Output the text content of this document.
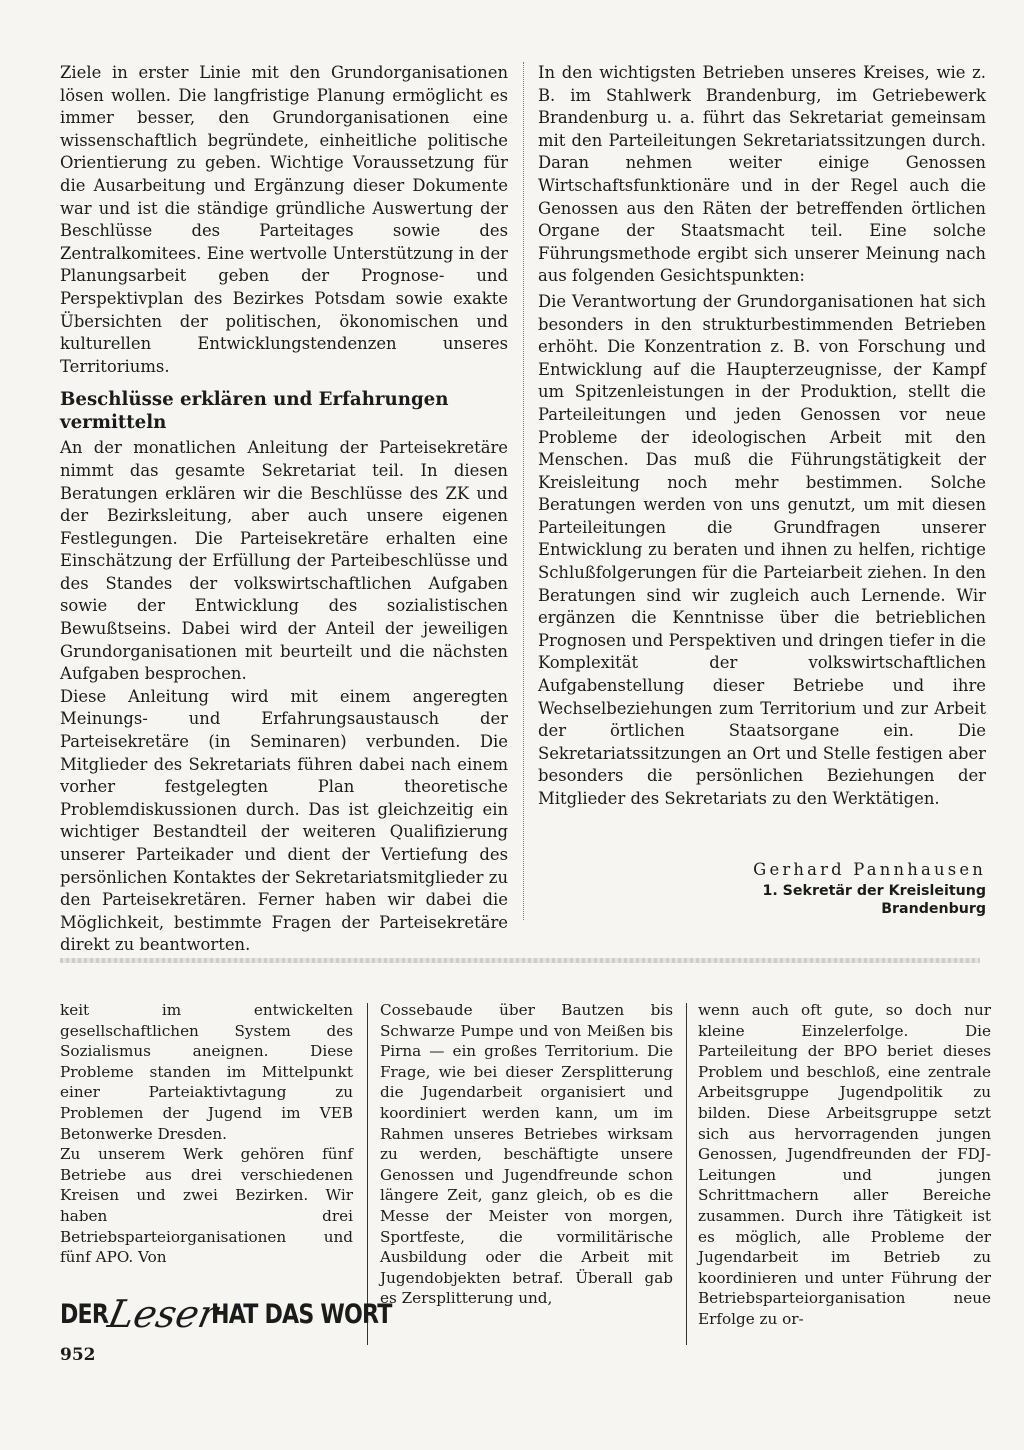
Ziele in erster Linie mit den Grundorganisationen lösen wollen. Die langfristige Planung ermöglicht es immer besser, den Grundorganisationen eine wissenschaftlich begründete, einheitliche politische Orientierung zu geben. Wichtige Voraussetzung für die Ausarbeitung und Ergänzung dieser Dokumente war und ist die ständige gründliche Auswertung der Beschlüsse des Parteitages sowie des Zentralkomitees. Eine wertvolle Unterstützung in der Planungsarbeit geben der Prognose- und Perspektivplan des Bezirkes Potsdam sowie exakte Übersichten der politischen, ökonomischen und kulturellen Entwicklungstendenzen unseres Territoriums.

Beschlüsse erklären und Erfahrungen vermitteln

An der monatlichen Anleitung der Parteisekretäre nimmt das gesamte Sekretariat teil. In diesen Beratungen erklären wir die Beschlüsse des ZK und der Bezirksleitung, aber auch unsere eigenen Festlegungen. Die Parteisekretäre erhalten eine Einschätzung der Erfüllung der Parteibeschlüsse und des Standes der volkswirtschaftlichen Aufgaben sowie der Entwicklung des sozialistischen Bewußtseins. Dabei wird der Anteil der jeweiligen Grundorganisationen mit beurteilt und die nächsten Aufgaben besprochen.

Diese Anleitung wird mit einem angeregten Meinungs- und Erfahrungsaustausch der Parteisekretäre (in Seminaren) verbunden. Die Mitglieder des Sekretariats führen dabei nach einem vorher festgelegten Plan theoretische Problemdiskussionen durch. Das ist gleichzeitig ein wichtiger Bestandteil der weiteren Qualifizierung unserer Parteikader und dient der Vertiefung des persönlichen Kontaktes der Sekretariatsmitglieder zu den Parteisekretären. Ferner haben wir dabei die Möglichkeit, bestimmte Fragen der Parteisekretäre direkt zu beantworten.

In den wichtigsten Betrieben unseres Kreises, wie z. B. im Stahlwerk Brandenburg, im Getriebewerk Brandenburg u. a. führt das Sekretariat gemeinsam mit den Parteileitungen Sekretariatssitzungen durch. Daran nehmen weiter einige Genossen Wirtschaftsfunktionäre und in der Regel auch die Genossen aus den Räten der betreffenden örtlichen Organe der Staatsmacht teil. Eine solche Führungsmethode ergibt sich unserer Meinung nach aus folgenden Gesichtspunkten:

Die Verantwortung der Grundorganisationen hat sich besonders in den strukturbestimmenden Betrieben erhöht. Die Konzentration z. B. von Forschung und Entwicklung auf die Haupterzeugnisse, der Kampf um Spitzenleistungen in der Produktion, stellt die Parteileitungen und jeden Genossen vor neue Probleme der ideologischen Arbeit mit den Menschen. Das muß die Führungstätigkeit der Kreisleitung noch mehr bestimmen. Solche Beratungen werden von uns genutzt, um mit diesen Parteileitungen die Grundfragen unserer Entwicklung zu beraten und ihnen zu helfen, richtige Schlußfolgerungen für die Parteiarbeit ziehen. In den Beratungen sind wir zugleich auch Lernende. Wir ergänzen die Kenntnisse über die betrieblichen Prognosen und Perspektiven und dringen tiefer in die Komplexität der volkswirtschaftlichen Aufgabenstellung dieser Betriebe und ihre Wechselbeziehungen zum Territorium und zur Arbeit der örtlichen Staatsorgane ein. Die Sekretariatssitzungen an Ort und Stelle festigen aber besonders die persönlichen Beziehungen der Mitglieder des Sekretariats zu den Werktätigen.

Gerhard Pannhausen
1. Sekretär der Kreisleitung
Brandenburg

keit im entwickelten gesellschaftlichen System des Sozialismus aneignen. Diese Probleme standen im Mittelpunkt einer Parteiaktivtagung zu Problemen der Jugend im VEB Betonwerke Dresden.

Zu unserem Werk gehören fünf Betriebe aus drei verschiedenen Kreisen und zwei Bezirken. Wir haben drei Betriebsparteiorganisationen und fünf APO. Von

Cossebaude über Bautzen bis Schwarze Pumpe und von Meißen bis Pirna — ein großes Territorium. Die Frage, wie bei dieser Zersplitterung die Jugendarbeit organisiert und koordiniert werden kann, um im Rahmen unseres Betriebes wirksam zu werden, beschäftigte unsere Genossen und Jugendfreunde schon längere Zeit, ganz gleich, ob es die Messe der Meister von morgen, Sportfeste, die vormilitärische Ausbildung oder die Arbeit mit Jugendobjekten betraf. Überall gab es Zersplitterung und,

wenn auch oft gute, so doch nur kleine Einzelerfolge. Die Parteileitung der BPO beriet dieses Problem und beschloß, eine zentrale Arbeitsgruppe Jugendpolitik zu bilden. Diese Arbeitsgruppe setzt sich aus hervorragenden jungen Genossen, Jugendfreunden der FDJ-Leitungen und jungen Schrittmachern aller Bereiche zusammen. Durch ihre Tätigkeit ist es möglich, alle Probleme der Jugendarbeit im Betrieb zu koordinieren und unter Führung der Betriebsparteiorganisation neue Erfolge zu or-

DER
Leser
HAT DAS WORT
952
